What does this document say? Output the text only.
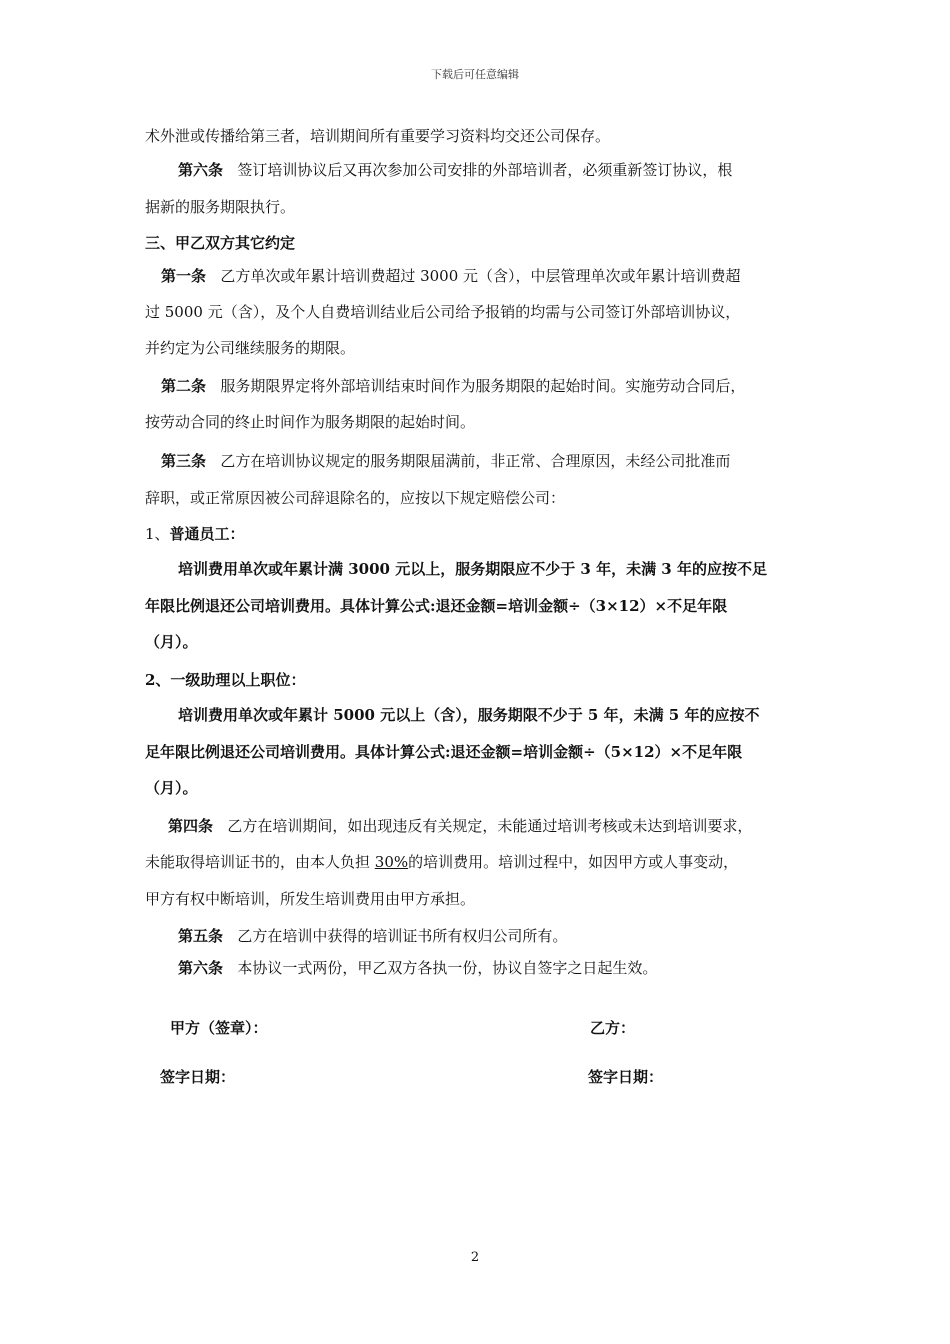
下载后可任意编辑
术外泄或传播给第三者，培训期间所有重要学习资料均交还公司保存。
第六条 签订培训协议后又再次参加公司安排的外部培训者，必须重新签订协议，根
据新的服务期限执行。
三、甲乙双方其它约定
第一条 乙方单次或年累计培训费超过 3000 元（含），中层管理单次或年累计培训费超
过 5000 元（含），及个人自费培训结业后公司给予报销的均需与公司签订外部培训协议，
并约定为公司继续服务的期限。
第二条 服务期限界定将外部培训结束时间作为服务期限的起始时间。实施劳动合同后，
按劳动合同的终止时间作为服务期限的起始时间。
第三条 乙方在培训协议规定的服务期限届满前，非正常、合理原因，未经公司批准而
辞职，或正常原因被公司辞退除名的，应按以下规定赔偿公司：
1、普通员工：
培训费用单次或年累计满 3000 元以上，服务期限应不少于 3 年，未满 3 年的应按不足
年限比例退还公司培训费用。具体计算公式:退还金额=培训金额÷（3×12）×不足年限
（月）。
2、一级助理以上职位：
培训费用单次或年累计 5000 元以上（含），服务期限不少于 5 年，未满 5 年的应按不
足年限比例退还公司培训费用。具体计算公式:退还金额=培训金额÷（5×12）×不足年限
（月）。
第四条 乙方在培训期间，如出现违反有关规定，未能通过培训考核或未达到培训要求，
未能取得培训证书的，由本人负担 30%的培训费用。培训过程中，如因甲方或人事变动，
甲方有权中断培训，所发生培训费用由甲方承担。
第五条 乙方在培训中获得的培训证书所有权归公司所有。
第六条 本协议一式两份，甲乙双方各执一份，协议自签字之日起生效。
甲方（签章）：	乙方：
签字日期：	签字日期：
2
